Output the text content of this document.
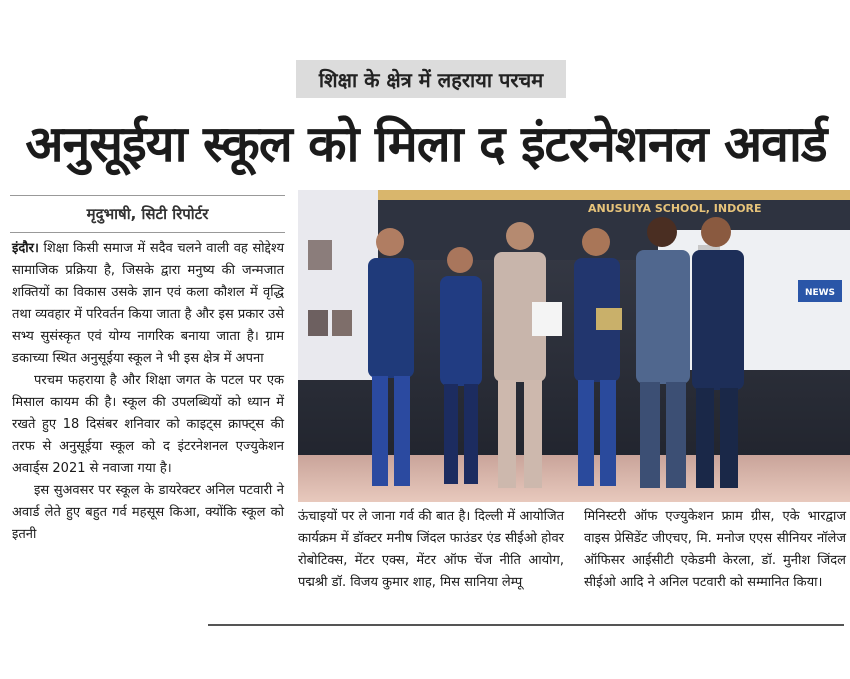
शिक्षा के क्षेत्र में लहराया परचम
अनुसूईया स्कूल को मिला द इंटरनेशनल अवार्ड
मृदुभाषी, सिटी रिपोर्टर

इंदौर। शिक्षा किसी समाज में सदैव चलने वाली वह सोद्देश्य सामाजिक प्रक्रिया है, जिसके द्वारा मनुष्य की जन्मजात शक्तियों का विकास उसके ज्ञान एवं कला कौशल में वृद्धि तथा व्यवहार में परिवर्तन किया जाता है और इस प्रकार उसे सभ्य सुसंस्कृत एवं योग्य नागरिक बनाया जाता है। ग्राम डकाच्या स्थित अनुसूईया स्कूल ने भी इस क्षेत्र में अपना

परचम फहराया है और शिक्षा जगत के पटल पर एक मिसाल कायम की है। स्कूल की उपलब्धियों को ध्यान में रखते हुए 18 दिसंबर शनिवार को काइट्स क्राफ्ट्स की तरफ से अनुसूईया स्कूल को द इंटरनेशनल एज्युकेशन अवार्ड्स 2021 से नवाजा गया है।

इस सुअवसर पर स्कूल के डायरेक्टर अनिल पटवारी ने अवार्ड लेते हुए बहुत गर्व महसूस किआ, क्योंकि स्कूल को इतनी

ANUSUIYA SCHOOL, INDORE
NEWS

ऊंचाइयों पर ले जाना गर्व की बात है। दिल्ली में आयोजित कार्यक्रम में डॉक्टर मनीष जिंदल फाउंडर एंड सीईओ होवर रोबोटिक्स, मेंटर एक्स, मेंटर ऑफ चेंज नीति आयोग, पद्मश्री डॉ. विजय कुमार शाह, मिस सानिया लेम्पू

मिनिस्टरी ऑफ एज्युकेशन फ्राम ग्रीस, एके भारद्वाज वाइस प्रेसिडेंट जीएचए, मि. मनोज एएस सीनियर नॉलेज ऑफिसर आईसीटी एकेडमी केरला, डॉ. मुनीश जिंदल सीईओ आदि ने अनिल पटवारी को सम्मानित किया।
